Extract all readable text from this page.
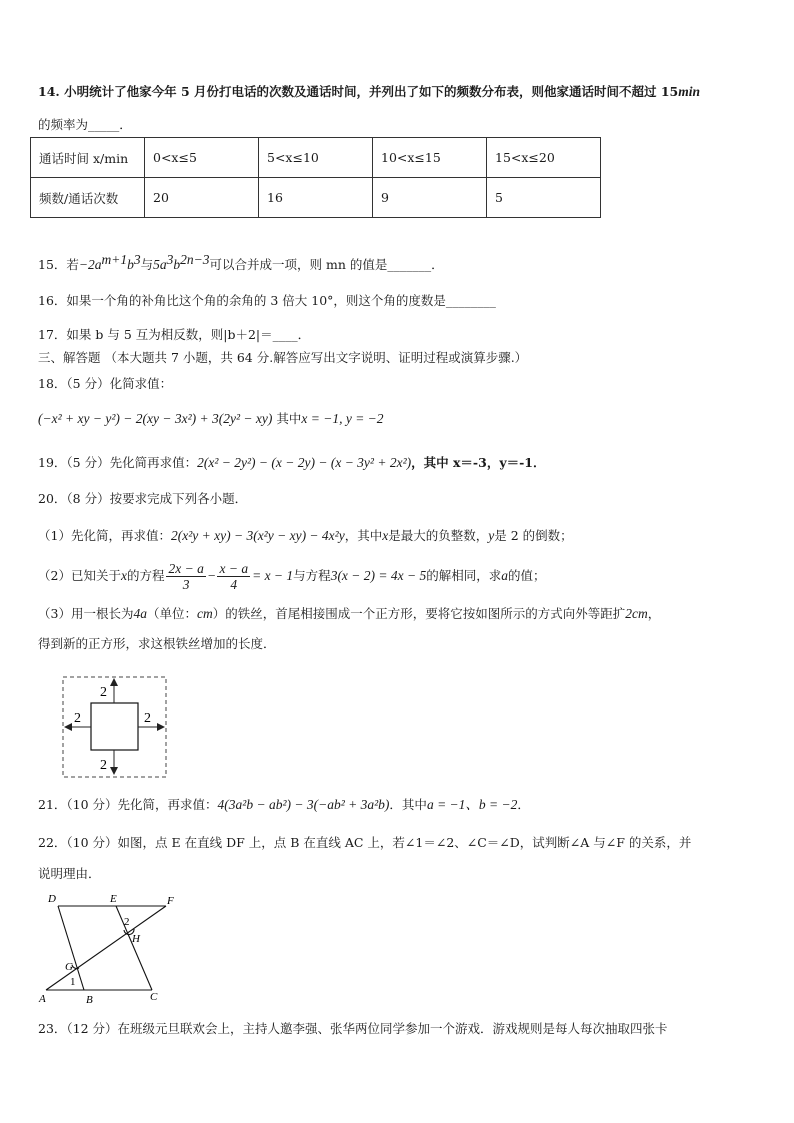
14. 小明统计了他家今年 5 月份打电话的次数及通话时间，并列出了如下的频数分布表，则他家通话时间不超过 15min
的频率为_____．
通话时间 x/min	0<x≤5	5<x≤10	10<x≤15	15<x≤20
频数/通话次数	20	16	9	5
15．若$-2a^{m+1}b^3$与$5a^3b^{2n-3}$可以合并成一项，则 mn 的值是_______．
16．如果一个角的补角比这个角的余角的 3 倍大 10°，则这个角的度数是________
17．如果 b 与 5 互为相反数，则|b＋2|＝____．
三、解答题 （本大题共 7 小题，共 64 分.解答应写出文字说明、证明过程或演算步骤.）
18．（5 分）化简求值：
(−x² + xy − y²) − 2(xy − 3x²) + 3(2y² − xy) 其中x = −1, y = −2
19．（5 分）先化简再求值：2(x² − 2y²) − (x − 2y) − (x − 3y² + 2x²)，其中 x＝-3，y＝-1．
20．（8 分）按要求完成下列各小题．
（1）先化简，再求值：2(x²y + xy) − 3(x²y − xy) − 4x²y，其中x是最大的负整数，y是 2 的倒数；
（2）已知关于x的方程 $\frac{2x - a}{3} - \frac{x - a}{4} = x - 1$与方程3(x − 2) = 4x − 5的解相同，求a的值；
（3）用一根长为4a（单位：cm）的铁丝，首尾相接围成一个正方形，要将它按如图所示的方式向外等距扩2cm，
得到新的正方形，求这根铁丝增加的长度．
2
2
2	2
21．（10 分）先化简，再求值：4(3a²b − ab²) − 3(−ab² + 3a²b)．其中a = −1、b = −2．
22．（10 分）如图，点 E 在直线 DF 上，点 B 在直线 AC 上，若∠1＝∠2、∠C＝∠D，试判断∠A 与∠F 的关系，并
说明理由．
D	E	F
H
G
A	B	C
1
2
23．（12 分）在班级元旦联欢会上，主持人邀李强、张华两位同学参加一个游戏．游戏规则是每人每次抽取四张卡
